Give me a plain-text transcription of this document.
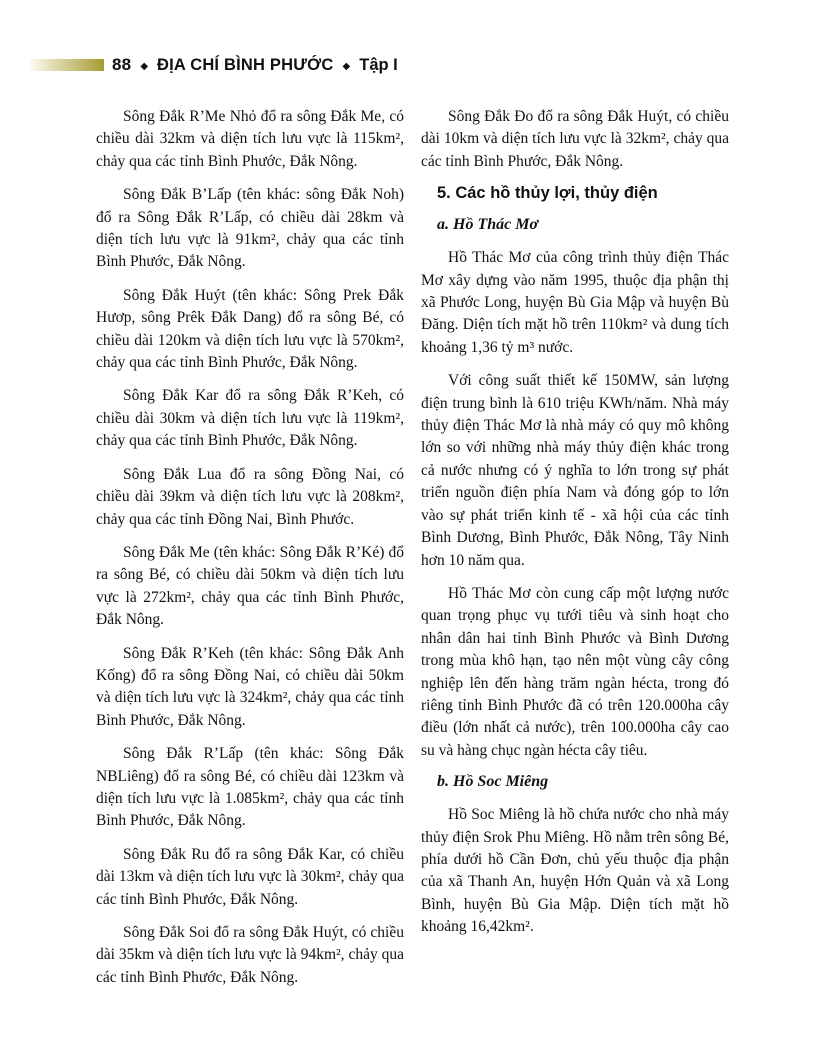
88 ◆ ĐỊA CHÍ BÌNH PHƯỚC ◆ Tập I

Sông Đắk R’Me Nhỏ đổ ra sông Đắk Me, có chiều dài 32km và diện tích lưu vực là 115km², chảy qua các tỉnh Bình Phước, Đắk Nông.

Sông Đắk B’Lấp (tên khác: sông Đắk Noh) đổ ra Sông Đắk R’Lấp, có chiều dài 28km và diện tích lưu vực là 91km², chảy qua các tỉnh Bình Phước, Đắk Nông.

Sông Đắk Huýt (tên khác: Sông Prek Đắk Hươp, sông Prêk Đắk Dang) đổ ra sông Bé, có chiều dài 120km và diện tích lưu vực là 570km², chảy qua các tỉnh Bình Phước, Đắk Nông.

Sông Đắk Kar đổ ra sông Đắk R’Keh, có chiều dài 30km và diện tích lưu vực là 119km², chảy qua các tỉnh Bình Phước, Đắk Nông.

Sông Đắk Lua đổ ra sông Đồng Nai, có chiều dài 39km và diện tích lưu vực là 208km², chảy qua các tỉnh Đồng Nai, Bình Phước.

Sông Đắk Me (tên khác: Sông Đắk R’Ké) đổ ra sông Bé, có chiều dài 50km và diện tích lưu vực là 272km², chảy qua các tỉnh Bình Phước, Đắk Nông.

Sông Đắk R’Keh (tên khác: Sông Đắk Anh Kống) đổ ra sông Đồng Nai, có chiều dài 50km và diện tích lưu vực là 324km², chảy qua các tỉnh Bình Phước, Đắk Nông.

Sông Đắk R’Lấp (tên khác: Sông Đắk NBLiêng) đổ ra sông Bé, có chiều dài 123km và diện tích lưu vực là 1.085km², chảy qua các tỉnh Bình Phước, Đắk Nông.

Sông Đắk Ru đổ ra sông Đắk Kar, có chiều dài 13km và diện tích lưu vực là 30km², chảy qua các tỉnh Bình Phước, Đắk Nông.

Sông Đắk Soi đổ ra sông Đắk Huýt, có chiều dài 35km và diện tích lưu vực là 94km², chảy qua các tỉnh Bình Phước, Đắk Nông.

Sông Đắk Đo đổ ra sông Đắk Huýt, có chiều dài 10km và diện tích lưu vực là 32km², chảy qua các tỉnh Bình Phước, Đắk Nông.

5. Các hồ thủy lợi, thủy điện
a. Hồ Thác Mơ

Hồ Thác Mơ của công trình thủy điện Thác Mơ xây dựng vào năm 1995, thuộc địa phận thị xã Phước Long, huyện Bù Gia Mập và huyện Bù Đăng. Diện tích mặt hồ trên 110km² và dung tích khoảng 1,36 tỷ m³ nước.

Với công suất thiết kế 150MW, sản lượng điện trung bình là 610 triệu KWh/năm. Nhà máy thủy điện Thác Mơ là nhà máy có quy mô không lớn so với những nhà máy thủy điện khác trong cả nước nhưng có ý nghĩa to lớn trong sự phát triển nguồn điện phía Nam và đóng góp to lớn vào sự phát triển kinh tế - xã hội của các tỉnh Bình Dương, Bình Phước, Đắk Nông, Tây Ninh hơn 10 năm qua.

Hồ Thác Mơ còn cung cấp một lượng nước quan trọng phục vụ tưới tiêu và sinh hoạt cho nhân dân hai tỉnh Bình Phước và Bình Dương trong mùa khô hạn, tạo nên một vùng cây công nghiệp lên đến hàng trăm ngàn hécta, trong đó riêng tỉnh Bình Phước đã có trên 120.000ha cây điều (lớn nhất cả nước), trên 100.000ha cây cao su và hàng chục ngàn hécta cây tiêu.

b. Hồ Soc Miêng

Hồ Soc Miêng là hồ chứa nước cho nhà máy thủy điện Srok Phu Miêng. Hồ nằm trên sông Bé, phía dưới hồ Cần Đơn, chủ yếu thuộc địa phận của xã Thanh An, huyện Hớn Quản và xã Long Bình, huyện Bù Gia Mập. Diện tích mặt hồ khoảng 16,42km².
